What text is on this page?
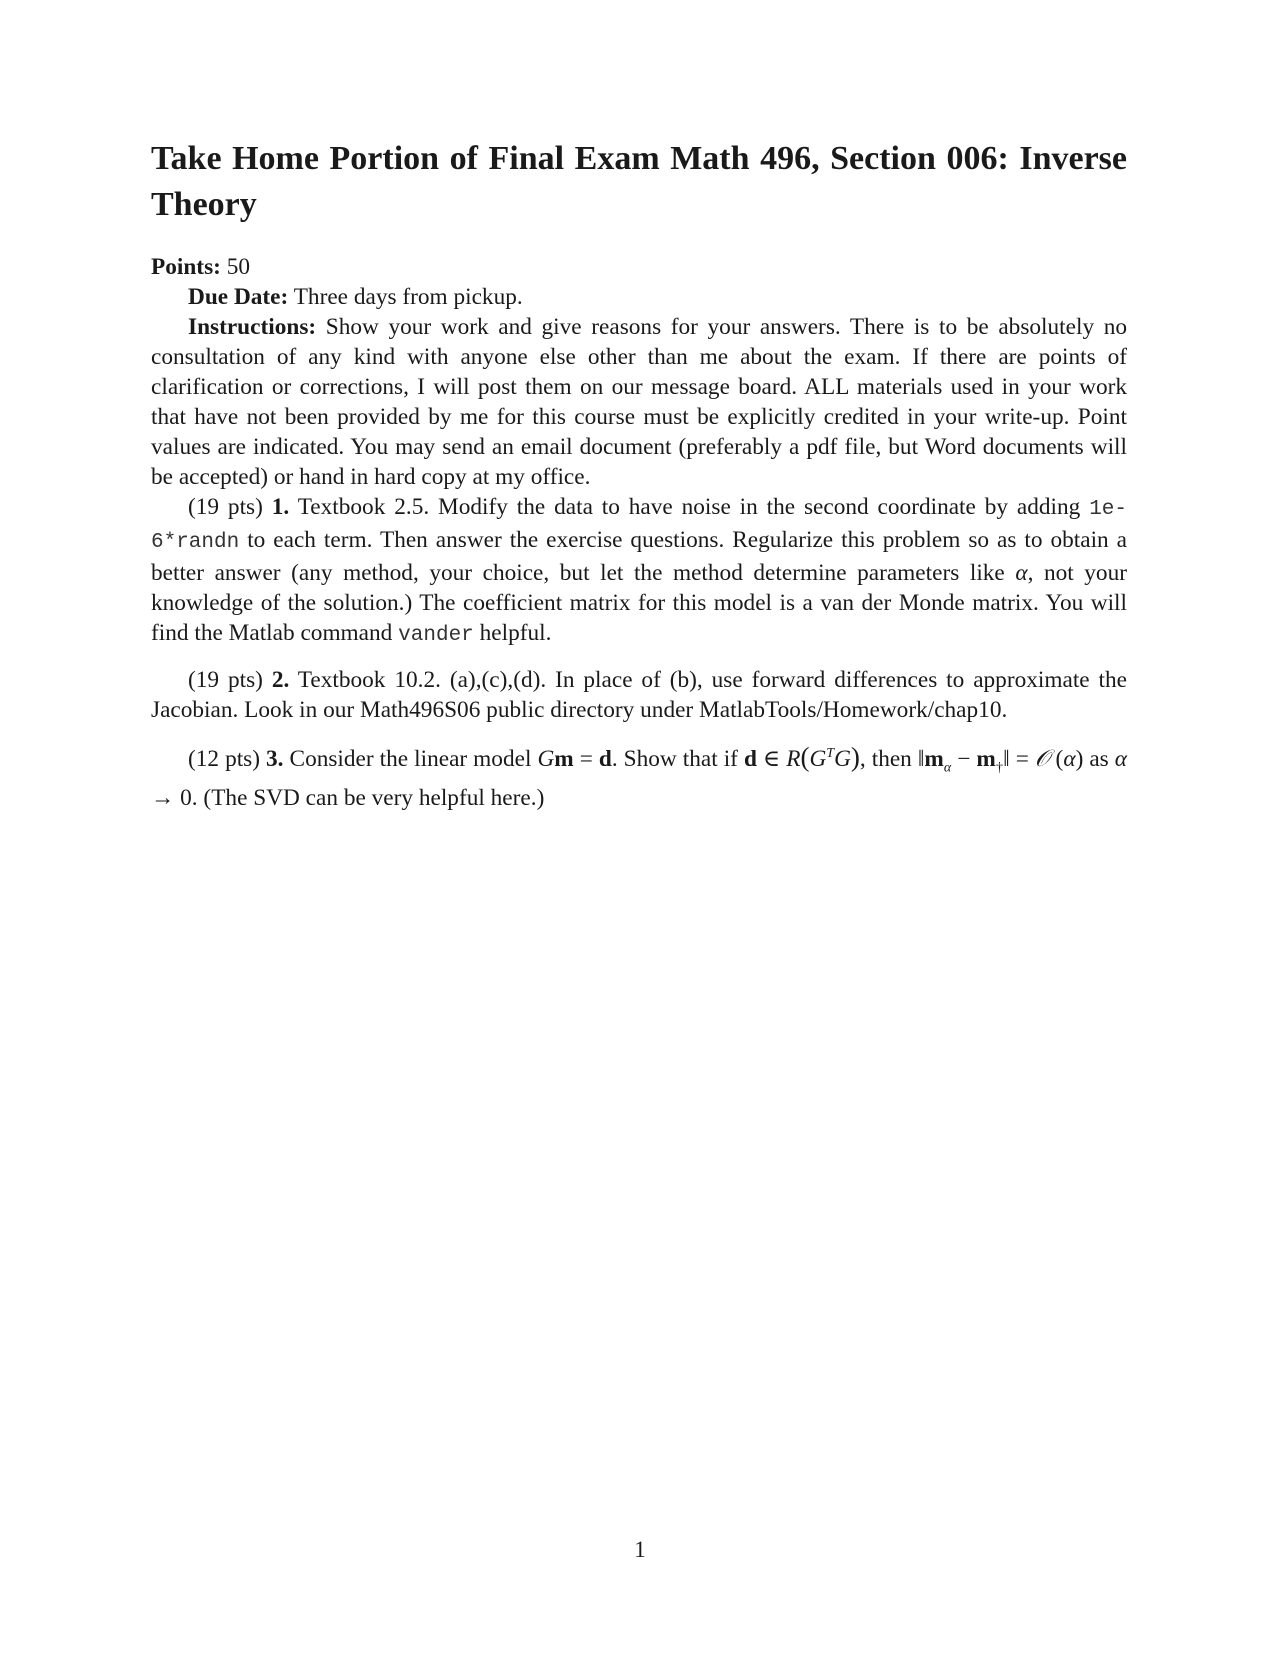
Take Home Portion of Final Exam Math 496, Section 006: Inverse Theory

Points: 50

Due Date: Three days from pickup.

Instructions: Show your work and give reasons for your answers. There is to be absolutely no consultation of any kind with anyone else other than me about the exam. If there are points of clarification or corrections, I will post them on our message board. ALL materials used in your work that have not been provided by me for this course must be explicitly credited in your write-up. Point values are indicated. You may send an email document (preferably a pdf file, but Word documents will be accepted) or hand in hard copy at my office.

(19 pts) 1. Textbook 2.5. Modify the data to have noise in the second coordinate by adding 1e-6*randn to each term. Then answer the exercise questions. Regularize this problem so as to obtain a better answer (any method, your choice, but let the method determine parameters like α, not your knowledge of the solution.) The coefficient matrix for this model is a van der Monde matrix. You will find the Matlab command vander helpful.

(19 pts) 2. Textbook 10.2. (a),(c),(d). In place of (b), use forward differences to approximate the Jacobian. Look in our Math496S06 public directory under MatlabTools/Homework/chap10.

(12 pts) 3. Consider the linear model Gm = d. Show that if d ∈ $R(G^TG)$, then $‖m_\alpha$ − $m_\dagger‖$ = 𝒪 (α) as α → 0. (The SVD can be very helpful here.)

1
